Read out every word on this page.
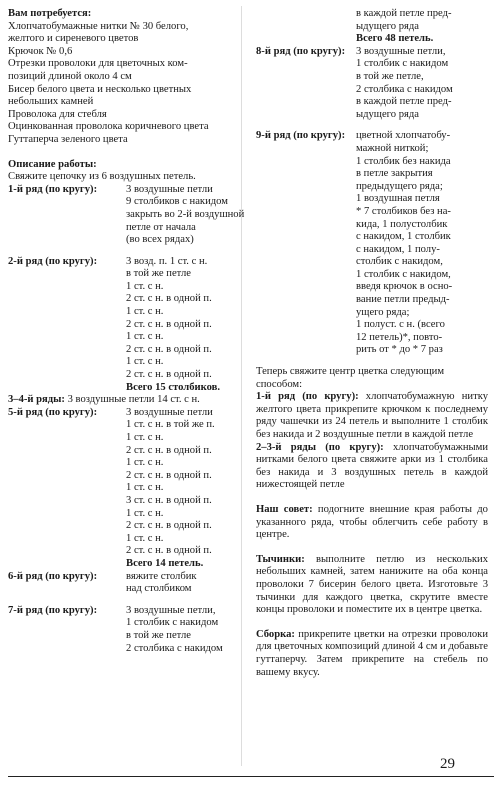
Вам потребуется:
Хлопчатобумажные нитки № 30 белого,
желтого и сиреневого цветов
Крючок № 0,6
Отрезки проволоки для цветочных ком-
позиций длиной около 4 см
Бисер белого цвета и несколько цветных
небольших камней
Проволока для стебля
Оцинкованная проволока коричневого цвета
Гуттаперча зеленого цвета
Описание работы:
Свяжите цепочку из 6 воздушных петель.
1-й ряд (по кругу):	3 воздушные петли
9 столбиков с накидом
закрыть во 2-й воздушной
петле от начала
(во всех рядах)
2-й ряд (по кругу):	3 возд. п. 1 ст. с н.
в той же петле
1 ст. с н.
2 ст. с н. в одной п.
1 ст. с н.
2 ст. с н. в одной п.
1 ст. с н.
2 ст. с н. в одной п.
1 ст. с н.
2 ст. с н. в одной п.
Всего 15 столбиков.
3–4-й ряды: 3 воздушные петли 14 ст. с н.
5-й ряд (по кругу):	3 воздушные петли
1 ст. с н. в той же п.
1 ст. с н.
2 ст. с н. в одной п.
1 ст. с н.
2 ст. с н. в одной п.
1 ст. с н.
3 ст. с н. в одной п.
1 ст. с н.
2 ст. с н. в одной п.
1 ст. с н.
2 ст. с н. в одной п.
Всего 14 петель.
6-й ряд (по кругу):	вяжите столбик
над столбиком
7-й ряд (по кругу):	3 воздушные петли,
1 столбик с накидом
в той же петле
2 столбика с накидом
в каждой петле пред-
ыдущего ряда
Всего 48 петель.
8-й ряд (по кругу):	3 воздушные петли,
1 столбик с накидом
в той же петле,
2 столбика с накидом
в каждой петле пред-
ыдущего ряда
9-й ряд (по кругу):	цветной хлопчатобу-
мажной ниткой;
1 столбик без накида
в петле закрытия
предыдущего ряда;
1 воздушная петля
* 7 столбиков без на-
кида, 1 полустолбик
с накидом, 1 столбик
с накидом, 1 полу-
столбик с накидом,
1 столбик с накидом,
введя крючок в осно-
вание петли предыд-
ущего ряда;
1 полуст. с н. (всего
12 петель)*, повто-
рить от * до * 7 раз
Теперь свяжите центр цветка следующим
способом:
1-й ряд (по кругу): хлопчатобумажную нитку желтого цвета прикрепите крючком к последнему ряду чашечки из 24 петель и выполните 1 столбик без накида и 2 воздушные петли в каждой петле
2–3-й ряды (по кругу): хлопчатобумажными нитками белого цвета свяжите арки из 1 столбика без накида и 3 воздушных петель в каждой нижестоящей петле
Наш совет: подогните внешние края работы до указанного ряда, чтобы облегчить себе работу в центре.
Тычинки: выполните петлю из нескольких небольших камней, затем нанижите на оба конца проволоки 7 бисерин белого цвета. Изготовьте 3 тычинки для каждого цветка, скрутите вместе концы проволоки и поместите их в центре цветка.
Сборка: прикрепите цветки на отрезки проволоки для цветочных композиций длиной 4 см и добавьте гуттаперчу. Затем прикрепите на стебель по вашему вкусу.
29
